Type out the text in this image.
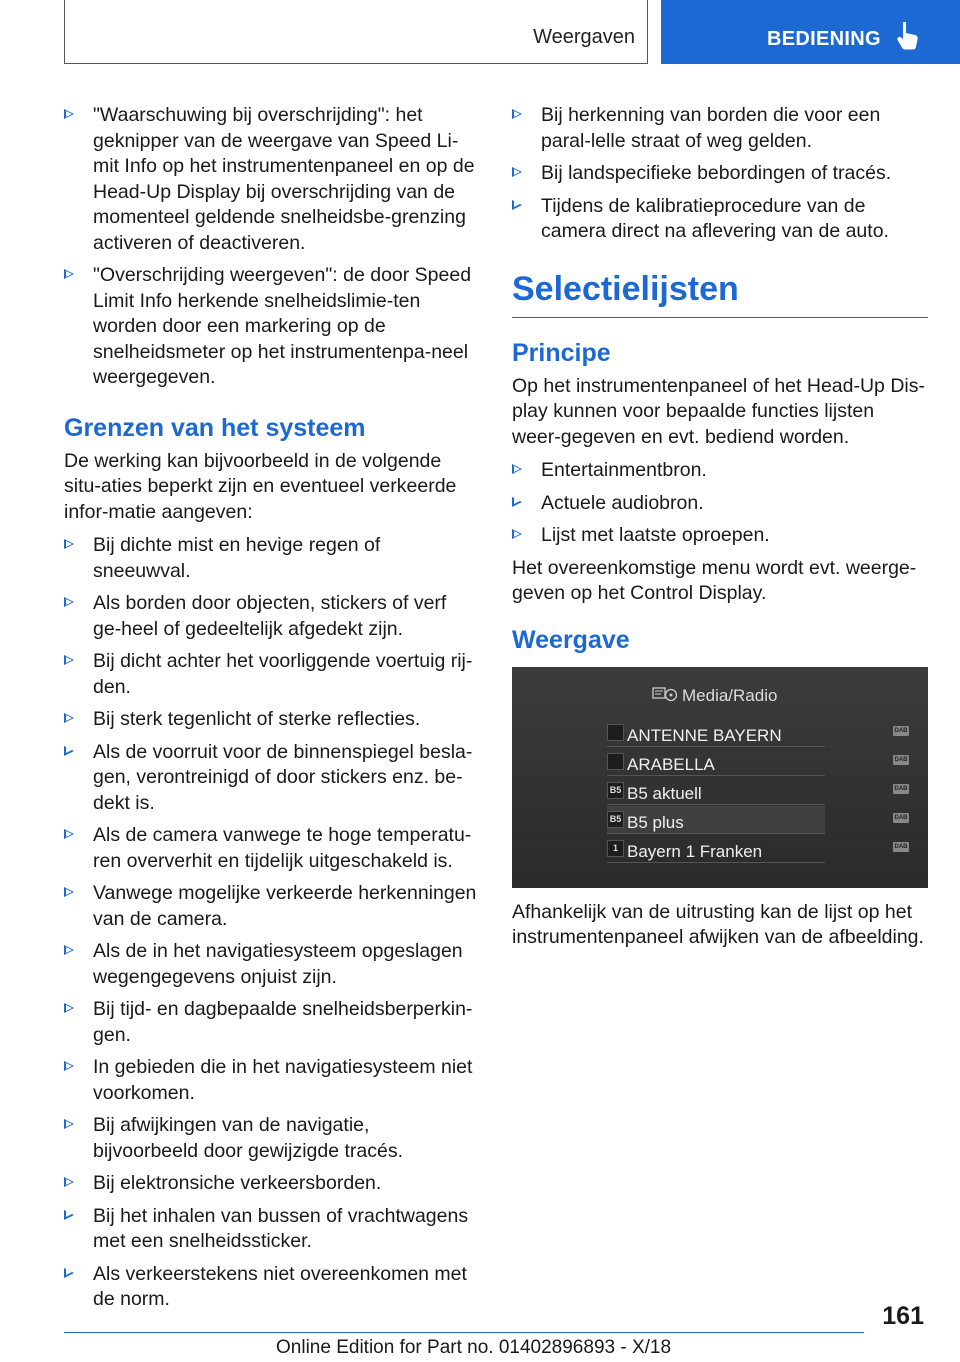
Weergaven	BEDIENING
"Waarschuwing bij overschrijding": het geknipper van de weergave van Speed Li-mit Info op het instrumentenpaneel en op de Head-Up Display bij overschrijding van de momenteel geldende snelheidsbe-grenzing activeren of deactiveren.
"Overschrijding weergeven": de door Speed Limit Info herkende snelheidslimie-ten worden door een markering op de snelheidsmeter op het instrumentenpa-neel weergegeven.
Grenzen van het systeem

De werking kan bijvoorbeeld in de volgende situ-aties beperkt zijn en eventueel verkeerde infor-matie aangeven:

Bij dichte mist en hevige regen of sneeuwval.
Als borden door objecten, stickers of verf ge-heel of gedeeltelijk afgedekt zijn.
Bij dicht achter het voorliggende voertuig rij-den.
Bij sterk tegenlicht of sterke reflecties.
Als de voorruit voor de binnenspiegel besla-gen, verontreinigd of door stickers enz. be-dekt is.
Als de camera vanwege te hoge temperatu-ren oververhit en tijdelijk uitgeschakeld is.
Vanwege mogelijke verkeerde herkenningen van de camera.
Als de in het navigatiesysteem opgeslagen wegengegevens onjuist zijn.
Bij tijd- en dagbepaalde snelheidsberperkin-gen.
In gebieden die in het navigatiesysteem niet voorkomen.
Bij afwijkingen van de navigatie, bijvoorbeeld door gewijzigde tracés.
Bij elektronsiche verkeersborden.
Bij het inhalen van bussen of vrachtwagens met een snelheidssticker.
Als verkeerstekens niet overeenkomen met de norm.
Bij herkenning van borden die voor een paral-lelle straat of weg gelden.
Bij landspecifieke bebordingen of tracés.
Tijdens de kalibratieprocedure van de camera direct na aflevering van de auto.
Selectielijsten
Principe

Op het instrumentenpaneel of het Head-Up Dis-play kunnen voor bepaalde functies lijsten weer-gegeven en evt. bediend worden.

Entertainmentbron.
Actuele audiobron.
Lijst met laatste oproepen.

Het overeenkomstige menu wordt evt. weerge-geven op het Control Display.

Weergave
Media/Radio
ANTENNE BAYERN	DAB
ARABELLA	DAB
B5 B5 aktuell	DAB
B5 B5 plus	DAB
1 Bayern 1 Franken	DAB

Afhankelijk van de uitrusting kan de lijst op het instrumentenpaneel afwijken van de afbeelding.

161
Online Edition for Part no. 01402896893 - X/18
